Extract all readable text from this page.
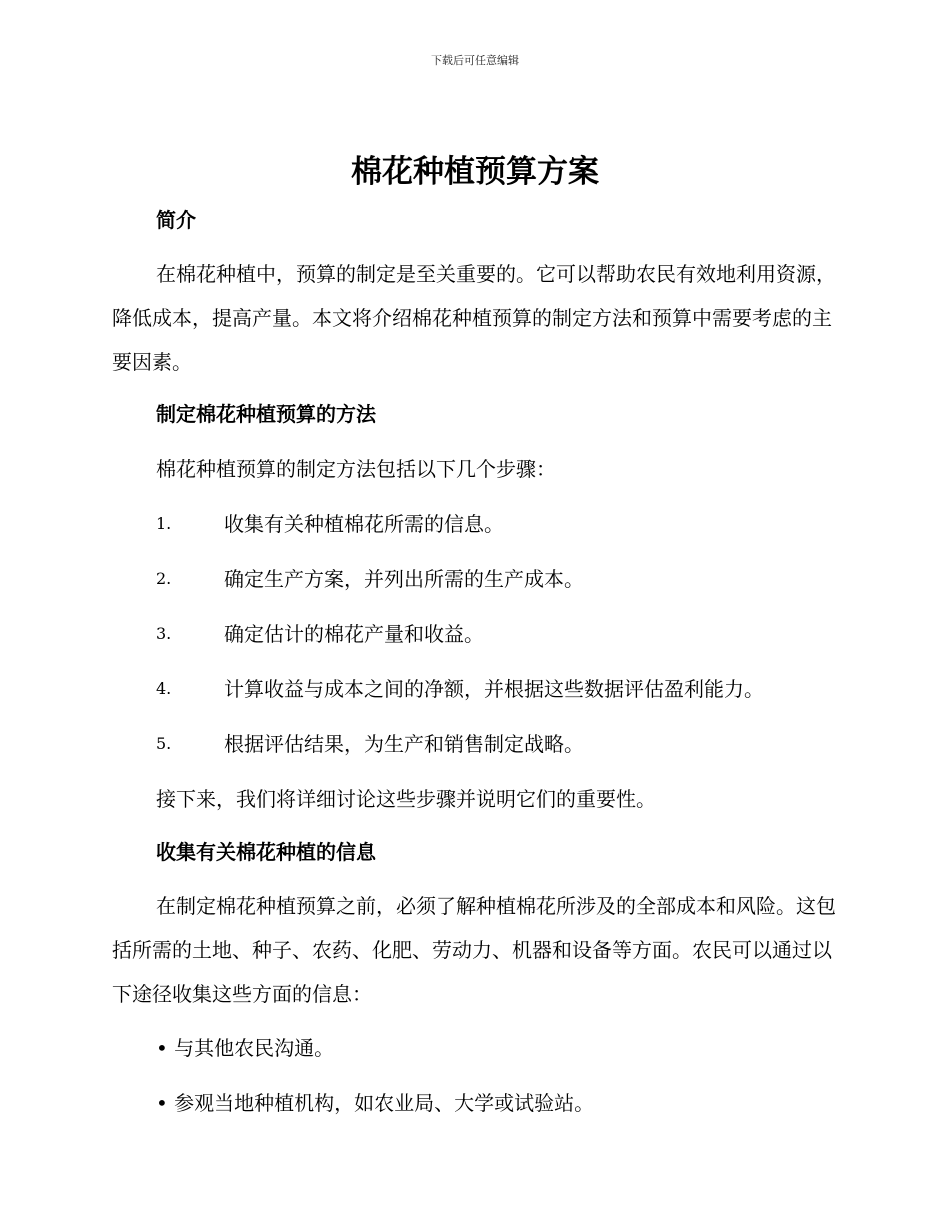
下载后可任意编辑
棉花种植预算方案
简介

在棉花种植中，预算的制定是至关重要的。它可以帮助农民有效地利用资源，降低成本，提高产量。本文将介绍棉花种植预算的制定方法和预算中需要考虑的主要因素。

制定棉花种植预算的方法
棉花种植预算的制定方法包括以下几个步骤：
1.	收集有关种植棉花所需的信息。
2.	确定生产方案，并列出所需的生产成本。
3.	确定估计的棉花产量和收益。
4.	计算收益与成本之间的净额，并根据这些数据评估盈利能力。
5.	根据评估结果，为生产和销售制定战略。
接下来，我们将详细讨论这些步骤并说明它们的重要性。
收集有关棉花种植的信息

在制定棉花种植预算之前，必须了解种植棉花所涉及的全部成本和风险。这包括所需的土地、种子、农药、化肥、劳动力、机器和设备等方面。农民可以通过以下途径收集这些方面的信息：

• 与其他农民沟通。
• 参观当地种植机构，如农业局、大学或试验站。
